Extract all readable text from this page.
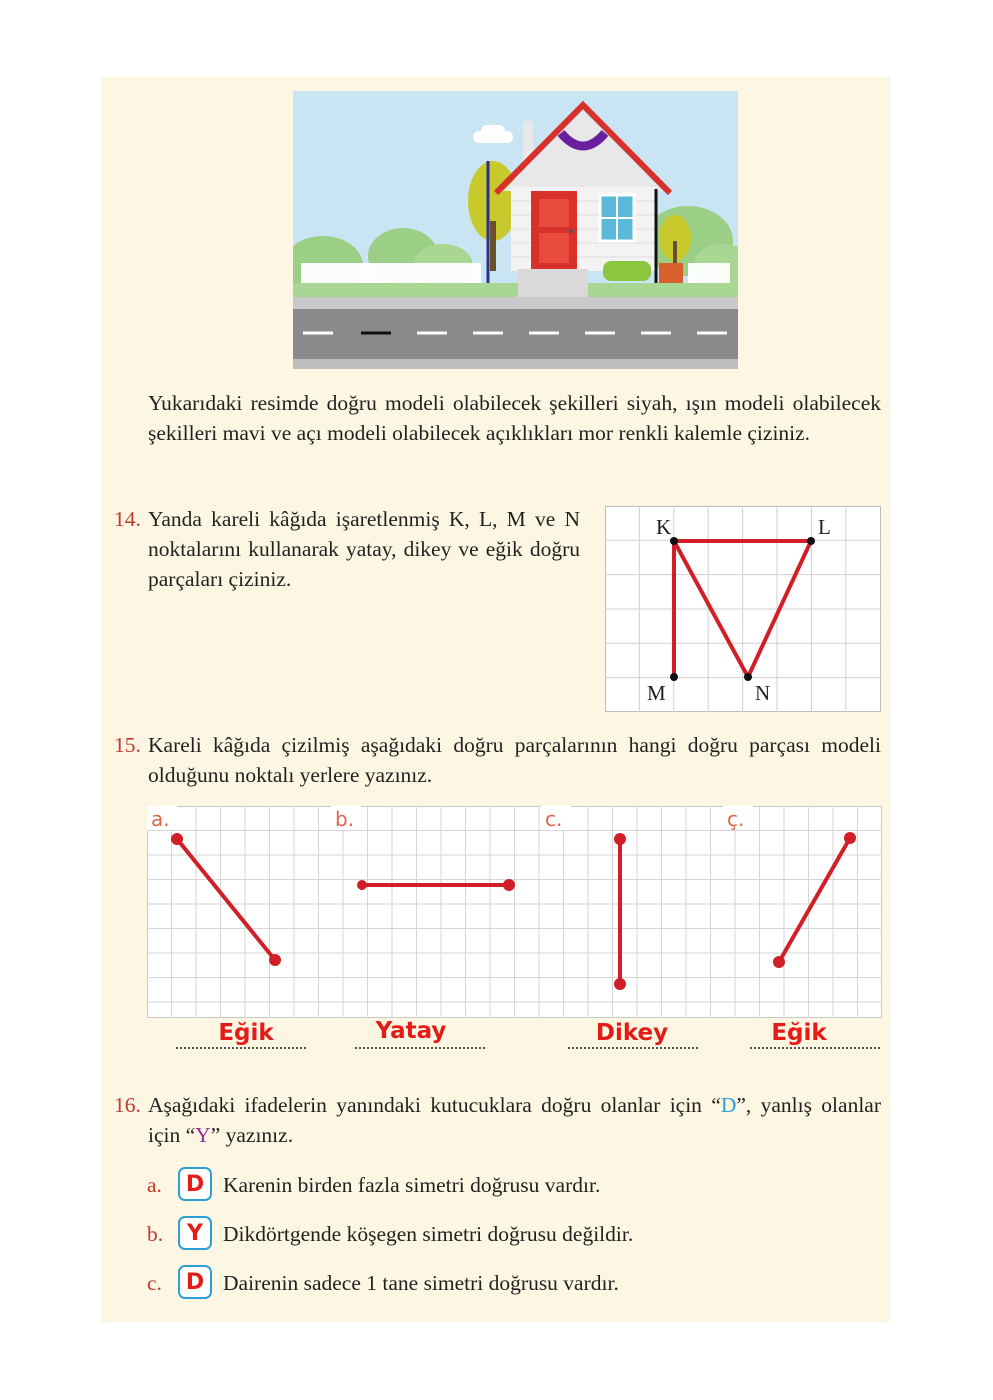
Yukarıdaki resimde doğru modeli olabilecek şekilleri siyah, ışın modeli olabilecek şekilleri mavi ve açı modeli olabilecek açıklıkları mor renkli kalemle çiziniz.

14. Yanda kareli kâğıda işaretlenmiş K, L, M ve N noktalarını kullanarak yatay, dikey ve eğik doğru parçaları çiziniz.

K	L
M	N
15. Kareli kâğıda çizilmiş aşağıdaki doğru parçalarının hangi doğru parçası modeli olduğunu noktalı yerlere yazınız.

a.	b.	c.	ç.
Eğik	Yatay	Dikey	Eğik
16. Aşağıdaki ifadelerin yanındaki kutucuklara doğru olanlar için “D”, yanlış olanlar için “Y” yazınız.

a.	D Karenin birden fazla simetri doğrusu vardır.
b.	Y Dikdörtgende köşegen simetri doğrusu değildir.
c.	D Dairenin sadece 1 tane simetri doğrusu vardır.
